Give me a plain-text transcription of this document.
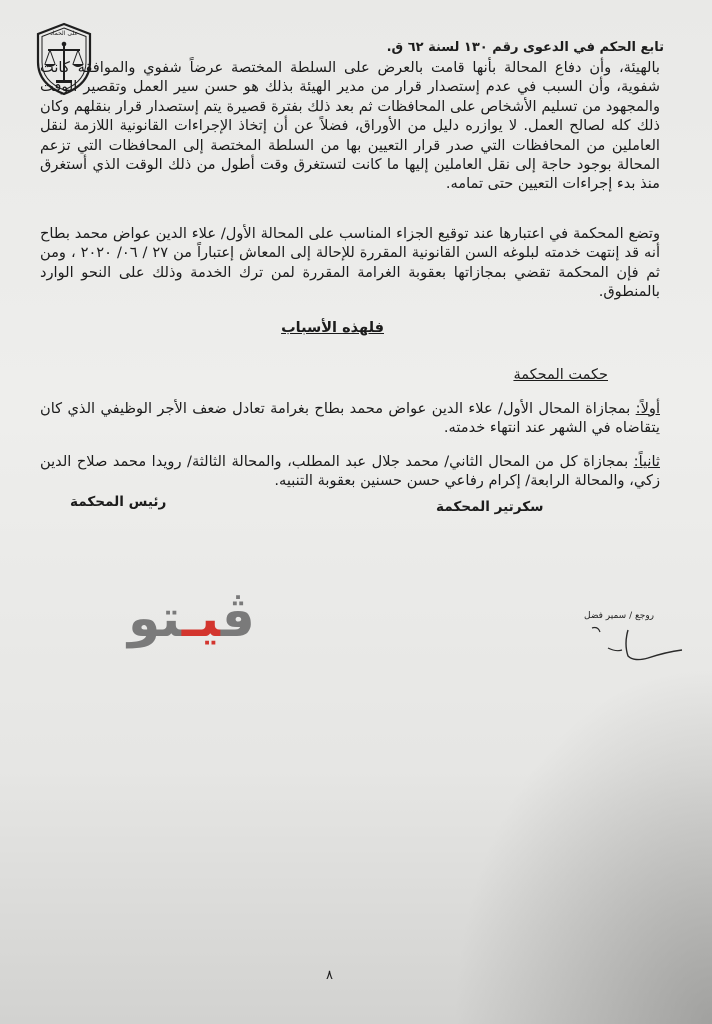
على الحماد
تابع الحكم في الدعوى رقم ١٣٠ لسنة ٦٢ ق.
بالهيئة، وأن دفاع المحالة بأنها قامت بالعرض على السلطة المختصة عرضاً شفوي والموافقة كانت شفوية، وأن السبب في عدم إستصدار قرار من مدير الهيئة بذلك هو حسن سير العمل وتقصير الوقت والمجهود من تسليم الأشخاص على المحافظات ثم بعد ذلك بفترة قصيرة يتم إستصدار قرار بنقلهم وكان ذلك كله لصالح العمل. لا يوازره دليل من الأوراق، فضلاً عن أن إتخاذ الإجراءات القانونية اللازمة لنقل العاملين من المحافظات التي صدر قرار التعيين بها من السلطة المختصة إلى المحافظات التي تزعم المحالة بوجود حاجة إلى نقل العاملين إليها ما كانت لتستغرق وقت أطول من ذلك الوقت الذي أستغرق منذ بدء إجراءات التعيين حتى تمامه.
وتضع المحكمة في اعتبارها عند توقيع الجزاء المناسب على المحالة الأول/ علاء الدين عواض محمد بطاح أنه قد إنتهت خدمته لبلوغه السن القانونية المقررة للإحالة إلى المعاش إعتباراً من ٢٧ / ٠٦/ ٢٠٢٠ ، ومن ثم فإن المحكمة تقضي بمجازاتها بعقوبة الغرامة المقررة لمن ترك الخدمة وذلك على النحو الوارد بالمنطوق.
فلهذه الأسباب
حكمت المحكمة
أولاً: بمجازاة المحال الأول/ علاء الدين عواض محمد بطاح بغرامة تعادل ضعف الأجر الوظيفي الذي كان يتقاضاه في الشهر عند انتهاء خدمته.
ثانياً: بمجازاة كل من المحال الثاني/ محمد جلال عبد المطلب، والمحالة الثالثة/ رويدا محمد صلاح الدين زكي، والمحالة الرابعة/ إكرام رفاعي حسن حسنين بعقوبة التنبيه.
رئيس المحكمة	سكرتير المحكمة
ڤيـتو	روجع / سمير فضل
٨
